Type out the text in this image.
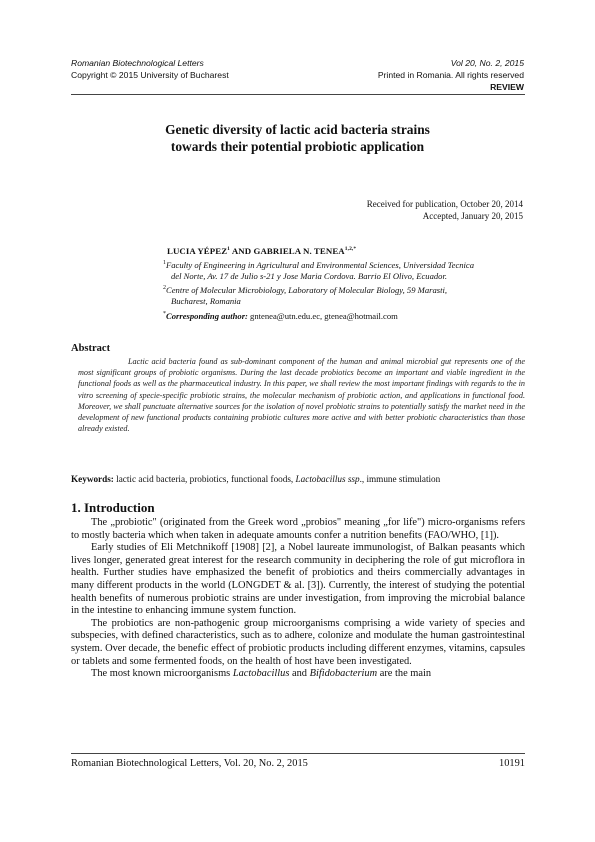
Romanian Biotechnological Letters	Vol 20, No. 2, 2015
Copyright © 2015 University of Bucharest	Printed in Romania. All rights reserved
REVIEW
Genetic diversity of lactic acid bacteria strains
towards their potential probiotic application
Received for publication, October 20, 2014
Accepted, January 20, 2015
LUCIA YÉPEZ$^1$ AND GABRIELA N. $TENEA^{1,2,*}$
$^1$Faculty of Engineering in Agricultural and Environmental Sciences, Universidad Tecnica
del Norte, Av. 17 de Julio s-21 y Jose Maria Cordova. Barrio El Olivo, Ecuador.
$^2$Centre of Molecular Microbiology, Laboratory of Molecular Biology, 59 Marasti,
Bucharest, Romania
*Corresponding author: gntenea@utn.edu.ec, gtenea@hotmail.com
Abstract
Lactic acid bacteria found as sub-dominant component of the human and animal microbial gut represents one of the most significant groups of probiotic organisms. During the last decade probiotics become an important and viable ingredient in the functional foods as well as the pharmaceutical industry. In this paper, we shall review the most important findings with regards to the in vitro screening of specie-specific probiotic strains, the molecular mechanism of probiotic action, and applications in functional food. Moreover, we shall punctuate alternative sources for the isolation of novel probiotic strains to potentially satisfy the market need in the development of new functional products containing probiotic cultures more active and with better probiotic characteristics than those already existed.
Keywords: lactic acid bacteria, probiotics, functional foods, Lactobacillus ssp., immune stimulation
1. Introduction

The „probiotic" (originated from the Greek word „probios" meaning „for life") micro-organisms refers to mostly bacteria which when taken in adequate amounts confer a nutrition benefits (FAO/WHO, [1]).

Early studies of Eli Metchnikoff [1908] [2], a Nobel laureate immunologist, of Balkan peasants which lives longer, generated great interest for the research community in deciphering the role of gut microflora in health. Further studies have emphasized the benefit of probiotics and theirs commercially advantages in many different products in the world (LONGDET & al. [3]). Currently, the interest of studying the potential health benefits of numerous probiotic strains are under investigation, from improving the microbial balance in the intestine to enhancing immune system function.

The probiotics are non-pathogenic group microorganisms comprising a wide variety of species and subspecies, with defined characteristics, such as to adhere, colonize and modulate the human gastrointestinal system. Over decade, the benefic effect of probiotic products including different enzymes, vitamins, capsules or tablets and some fermented foods, on the health of host have been investigated.

The most known microorganisms Lactobacillus and Bifidobacterium are the main

Romanian Biotechnological Letters, Vol. 20, No. 2, 2015	10191
